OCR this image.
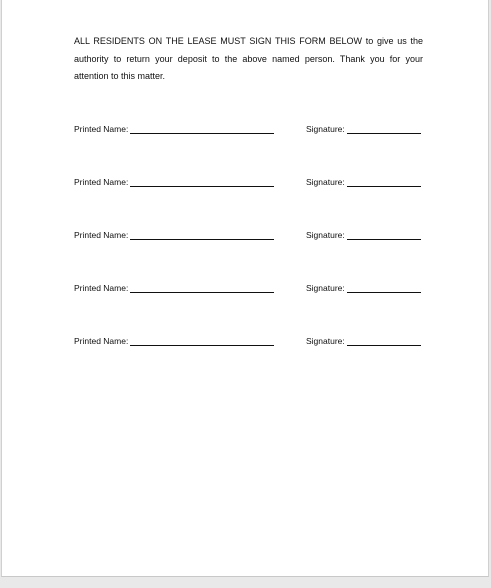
ALL RESIDENTS ON THE LEASE MUST SIGN THIS FORM BELOW to give us the authority to return your deposit to the above named person. Thank you for your attention to this matter.

Printed Name:	Signature:
Printed Name:	Signature:
Printed Name:	Signature:
Printed Name:	Signature:
Printed Name:	Signature:
